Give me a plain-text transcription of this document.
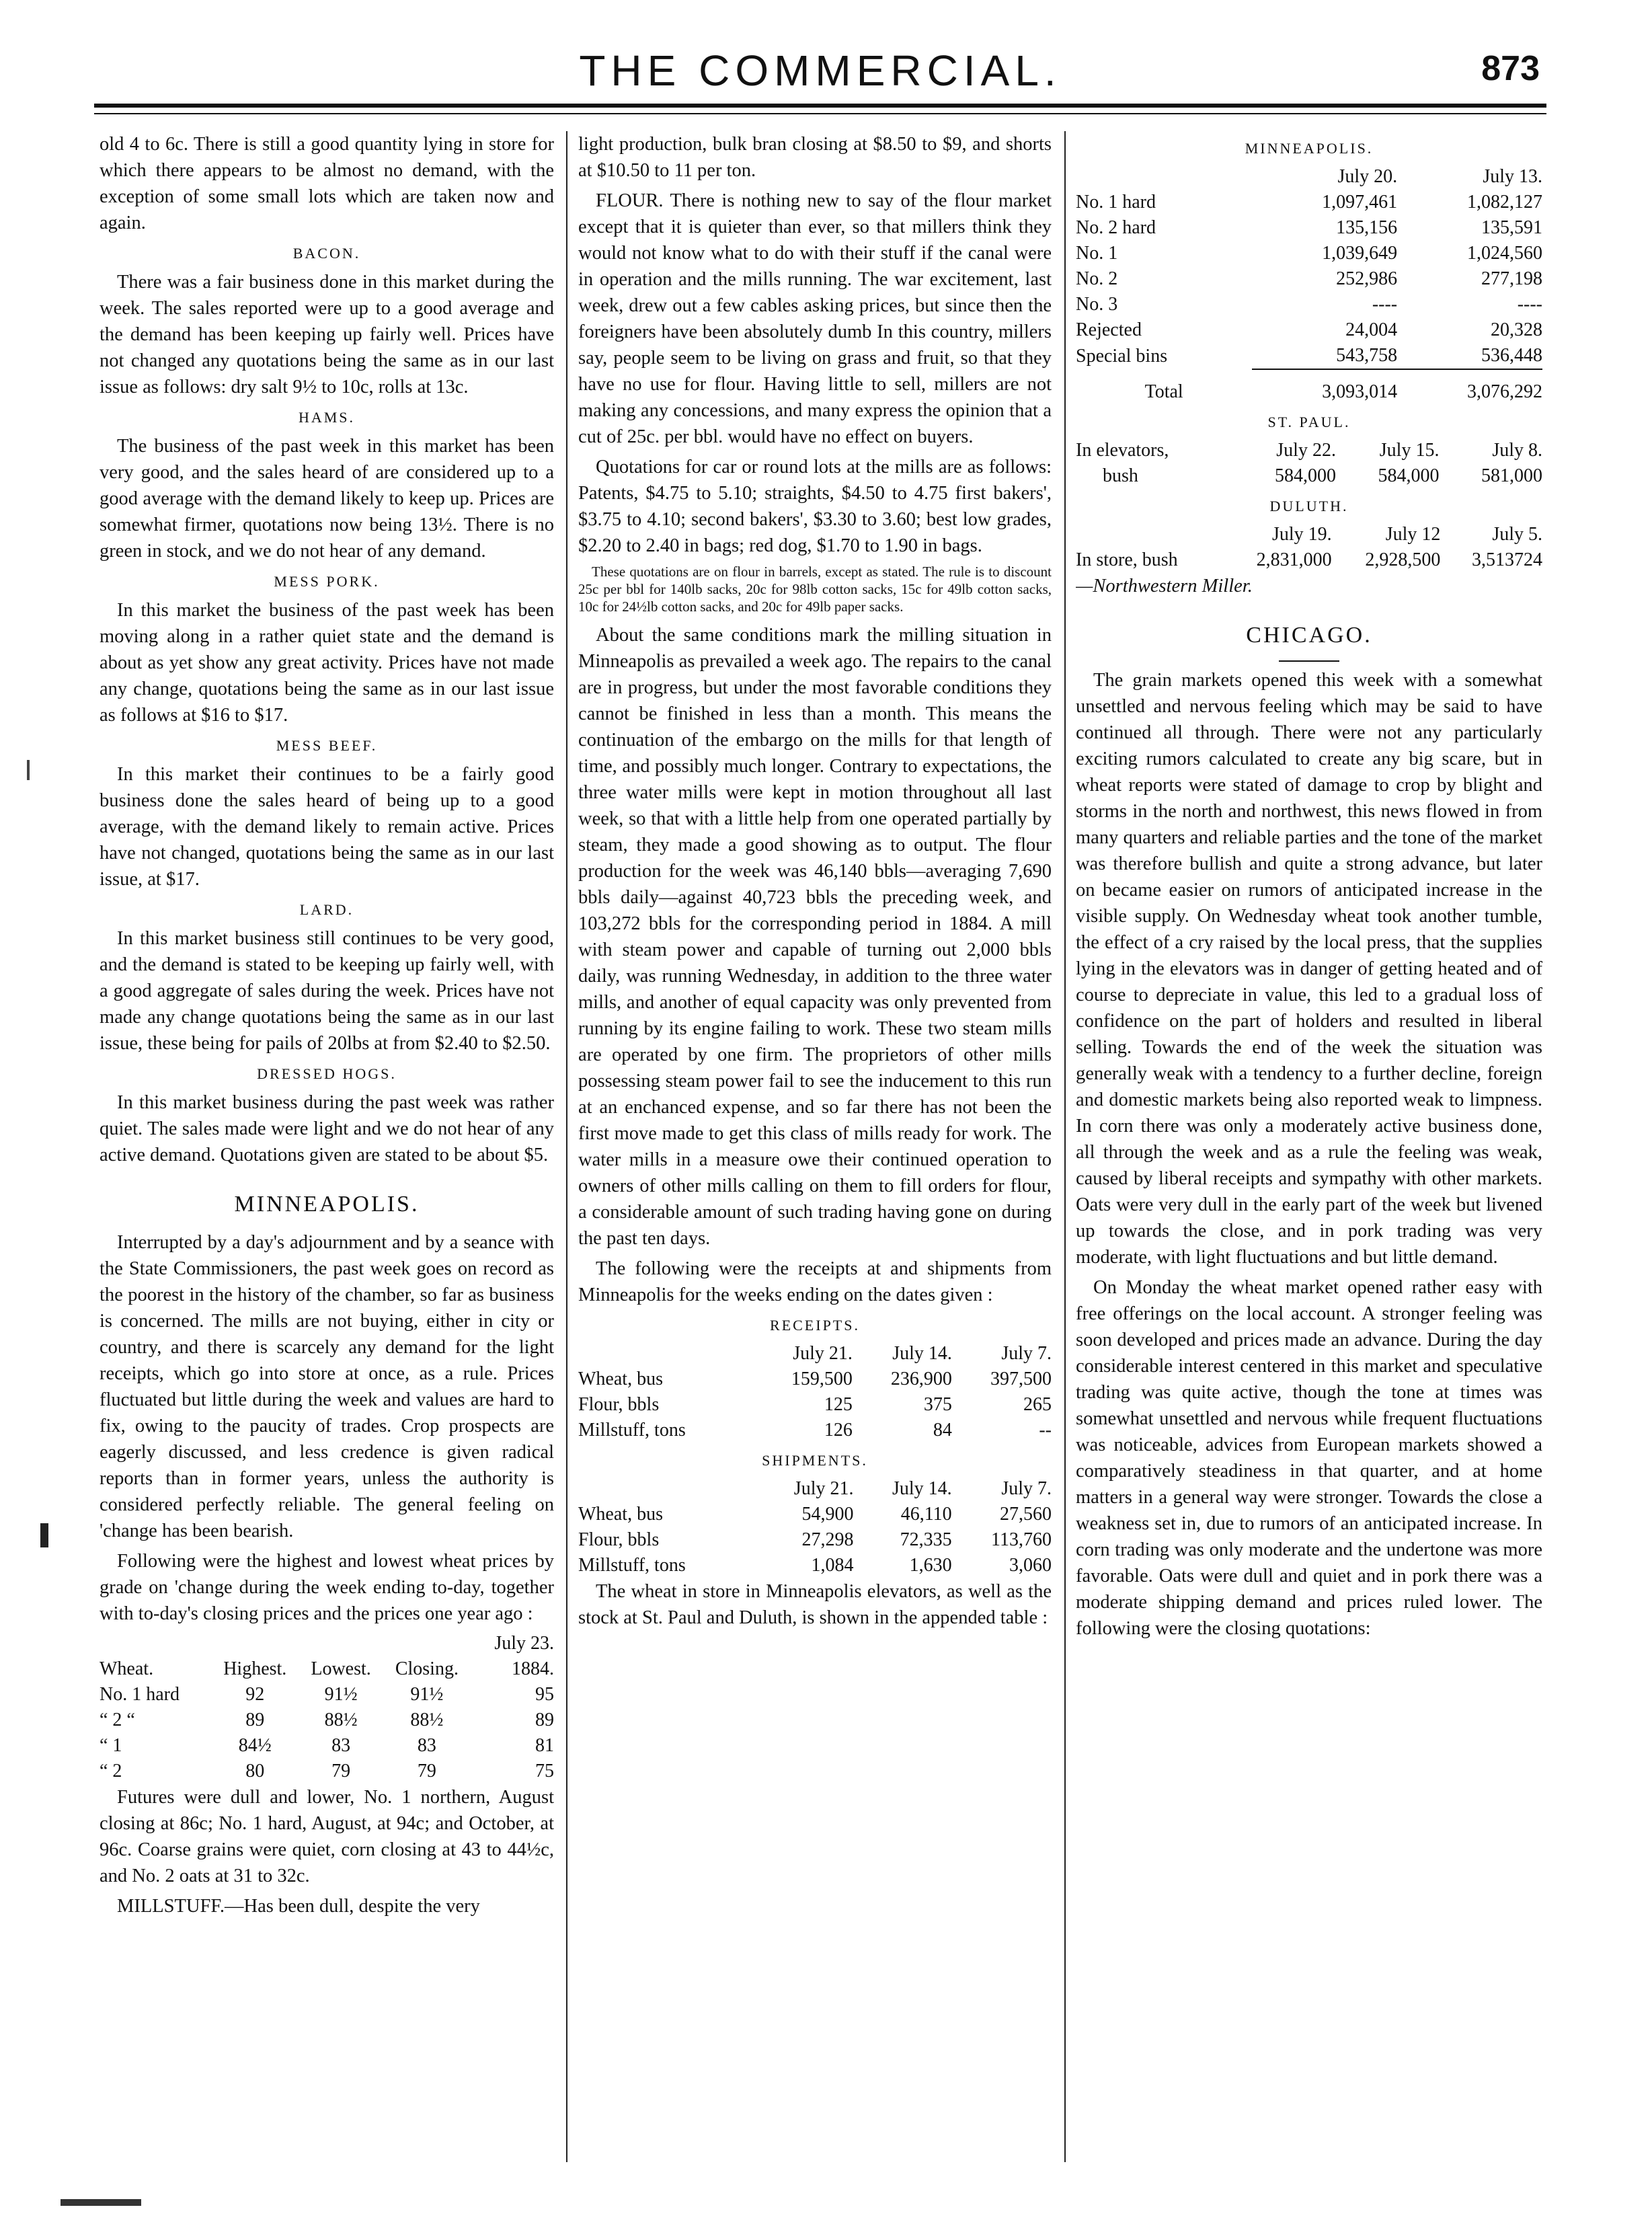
THE COMMERCIAL.	873

old 4 to 6c. There is still a good quantity lying in store for which there appears to be almost no demand, with the exception of some small lots which are taken now and again.

BACON.

There was a fair business done in this market during the week. The sales reported were up to a good average and the demand has been keeping up fairly well. Prices have not changed any quotations being the same as in our last issue as follows: dry salt 9½ to 10c, rolls at 13c.

HAMS.

The business of the past week in this market has been very good, and the sales heard of are considered up to a good average with the demand likely to keep up. Prices are somewhat firmer, quotations now being 13½. There is no green in stock, and we do not hear of any demand.

MESS PORK.

In this market the business of the past week has been moving along in a rather quiet state and the demand is about as yet show any great activity. Prices have not made any change, quotations being the same as in our last issue as follows at $16 to $17.

MESS BEEF.

In this market their continues to be a fairly good business done the sales heard of being up to a good average, with the demand likely to remain active. Prices have not changed, quotations being the same as in our last issue, at $17.

LARD.

In this market business still continues to be very good, and the demand is stated to be keeping up fairly well, with a good aggregate of sales during the week. Prices have not made any change quotations being the same as in our last issue, these being for pails of 20lbs at from $2.40 to $2.50.

DRESSED HOGS.

In this market business during the past week was rather quiet. The sales made were light and we do not hear of any active demand. Quotations given are stated to be about $5.

MINNEAPOLIS.

Interrupted by a day's adjournment and by a seance with the State Commissioners, the past week goes on record as the poorest in the history of the chamber, so far as business is concerned. The mills are not buying, either in city or country, and there is scarcely any demand for the light receipts, which go into store at once, as a rule. Prices fluctuated but little during the week and values are hard to fix, owing to the paucity of trades. Crop prospects are eagerly discussed, and less credence is given radical reports than in former years, unless the authority is considered perfectly reliable. The general feeling on 'change has been bearish.

Following were the highest and lowest wheat prices by grade on 'change during the week ending to-day, together with to-day's closing prices and the prices one year ago :

				July 23.
Wheat.	Highest.	Lowest.	Closing.	1884.
No. 1 hard	92	91½	91½	95
“ 2 “	89	88½	88½	89
“ 1	84½	83	83	81
“ 2	80	79	79	75

Futures were dull and lower, No. 1 northern, August closing at 86c; No. 1 hard, August, at 94c; and October, at 96c. Coarse grains were quiet, corn closing at 43 to 44½c, and No. 2 oats at 31 to 32c.

MILLSTUFF.—Has been dull, despite the very

light production, bulk bran closing at $8.50 to $9, and shorts at $10.50 to 11 per ton.

FLOUR. There is nothing new to say of the flour market except that it is quieter than ever, so that millers think they would not know what to do with their stuff if the canal were in operation and the mills running. The war excitement, last week, drew out a few cables asking prices, but since then the foreigners have been absolutely dumb In this country, millers say, people seem to be living on grass and fruit, so that they have no use for flour. Having little to sell, millers are not making any concessions, and many express the opinion that a cut of 25c. per bbl. would have no effect on buyers.

Quotations for car or round lots at the mills are as follows: Patents, $4.75 to 5.10; straights, $4.50 to 4.75 first bakers', $3.75 to 4.10; second bakers', $3.30 to 3.60; best low grades, $2.20 to 2.40 in bags; red dog, $1.70 to 1.90 in bags.

These quotations are on flour in barrels, except as stated. The rule is to discount 25c per bbl for 140lb sacks, 20c for 98lb cotton sacks, 15c for 49lb cotton sacks, 10c for 24½lb cotton sacks, and 20c for 49lb paper sacks.

About the same conditions mark the milling situation in Minneapolis as prevailed a week ago. The repairs to the canal are in progress, but under the most favorable conditions they cannot be finished in less than a month. This means the continuation of the embargo on the mills for that length of time, and possibly much longer. Contrary to expectations, the three water mills were kept in motion throughout all last week, so that with a little help from one operated partially by steam, they made a good showing as to output. The flour production for the week was 46,140 bbls—averaging 7,690 bbls daily—against 40,723 bbls the preceding week, and 103,272 bbls for the corresponding period in 1884. A mill with steam power and capable of turning out 2,000 bbls daily, was running Wednesday, in addition to the three water mills, and another of equal capacity was only prevented from running by its engine failing to work. These two steam mills are operated by one firm. The proprietors of other mills possessing steam power fail to see the inducement to this run at an enchanced expense, and so far there has not been the first move made to get this class of mills ready for work. The water mills in a measure owe their continued operation to owners of other mills calling on them to fill orders for flour, a considerable amount of such trading having gone on during the past ten days.

The following were the receipts at and shipments from Minneapolis for the weeks ending on the dates given :

RECEIPTS.
	July 21.	July 14.	July 7.
Wheat, bus	159,500	236,900	397,500
Flour, bbls	125	375	265
Millstuff, tons	126	84	--
SHIPMENTS.
	July 21.	July 14.	July 7.
Wheat, bus	54,900	46,110	27,560
Flour, bbls	27,298	72,335	113,760
Millstuff, tons	1,084	1,630	3,060

The wheat in store in Minneapolis elevators, as well as the stock at St. Paul and Duluth, is shown in the appended table :

MINNEAPOLIS.
	July 20.	July 13.
No. 1 hard	1,097,461	1,082,127
No. 2 hard	135,156	135,591
No. 1	1,039,649	1,024,560
No. 2	252,986	277,198
No. 3	----	----
Rejected	24,004	20,328
Special bins	543,758	536,448
Total	3,093,014	3,076,292
ST. PAUL.
In elevators,	July 22.	July 15.	July 8.
bush	584,000	584,000	581,000
DULUTH.
	July 19.	July 12	July 5.
In store, bush	2,831,000	2,928,500	3,513724

—Northwestern Miller.

CHICAGO.

The grain markets opened this week with a somewhat unsettled and nervous feeling which may be said to have continued all through. There were not any particularly exciting rumors calculated to create any big scare, but in wheat reports were stated of damage to crop by blight and storms in the north and northwest, this news flowed in from many quarters and reliable parties and the tone of the market was therefore bullish and quite a strong advance, but later on became easier on rumors of anticipated increase in the visible supply. On Wednesday wheat took another tumble, the effect of a cry raised by the local press, that the supplies lying in the elevators was in danger of getting heated and of course to depreciate in value, this led to a gradual loss of confidence on the part of holders and resulted in liberal selling. Towards the end of the week the situation was generally weak with a tendency to a further decline, foreign and domestic markets being also reported weak to limpness. In corn there was only a moderately active business done, all through the week and as a rule the feeling was weak, caused by liberal receipts and sympathy with other markets. Oats were very dull in the early part of the week but livened up towards the close, and in pork trading was very moderate, with light fluctuations and but little demand.

On Monday the wheat market opened rather easy with free offerings on the local account. A stronger feeling was soon developed and prices made an advance. During the day considerable interest centered in this market and speculative trading was quite active, though the tone at times was somewhat unsettled and nervous while frequent fluctuations was noticeable, advices from European markets showed a comparatively steadiness in that quarter, and at home matters in a general way were stronger. Towards the close a weakness set in, due to rumors of an anticipated increase. In corn trading was only moderate and the undertone was more favorable. Oats were dull and quiet and in pork there was a moderate shipping demand and prices ruled lower. The following were the closing quotations:
